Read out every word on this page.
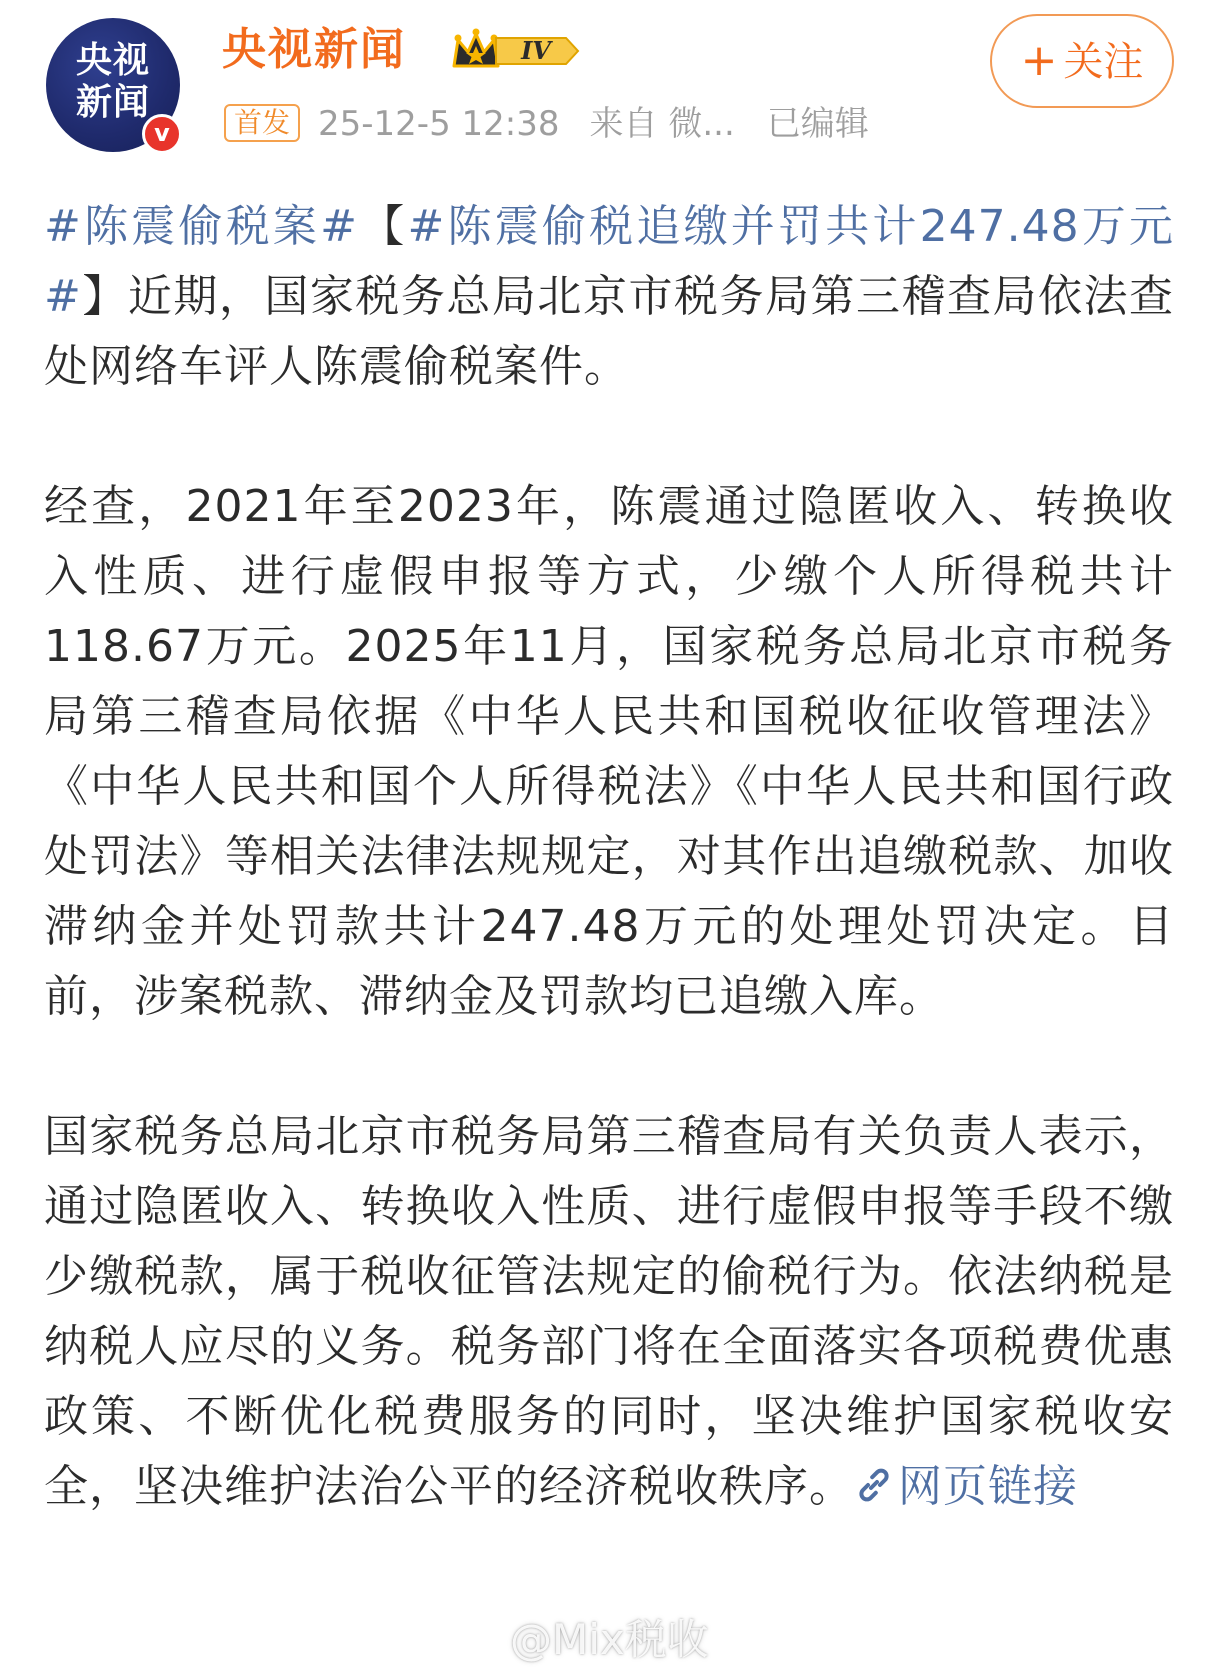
央视
新闻
v
央视新闻	IV
首发 25-12-5 12:38 来自 微... 已编辑
+ 关注

#陈震偷税案#【#陈震偷税追缴并罚共计247.48万元#】近期，国家税务总局北京市税务局第三稽查局依法查处网络车评人陈震偷税案件。

经查，2021年至2023年，陈震通过隐匿收入、转换收入性质、进行虚假申报等方式，少缴个人所得税共计118.67万元。2025年11月，国家税务总局北京市税务局第三稽查局依据《中华人民共和国税收征收管理法》《中华人民共和国个人所得税法》《中华人民共和国行政处罚法》等相关法律法规规定，对其作出追缴税款、加收滞纳金并处罚款共计247.48万元的处理处罚决定。目前，涉案税款、滞纳金及罚款均已追缴入库。

国家税务总局北京市税务局第三稽查局有关负责人表示，通过隐匿收入、转换收入性质、进行虚假申报等手段不缴少缴税款，属于税收征管法规定的偷税行为。依法纳税是纳税人应尽的义务。税务部门将在全面落实各项税费优惠政策、不断优化税费服务的同时，坚决维护国家税收安全，坚决维护法治公平的经济税收秩序。 网页链接

@Mix税收
